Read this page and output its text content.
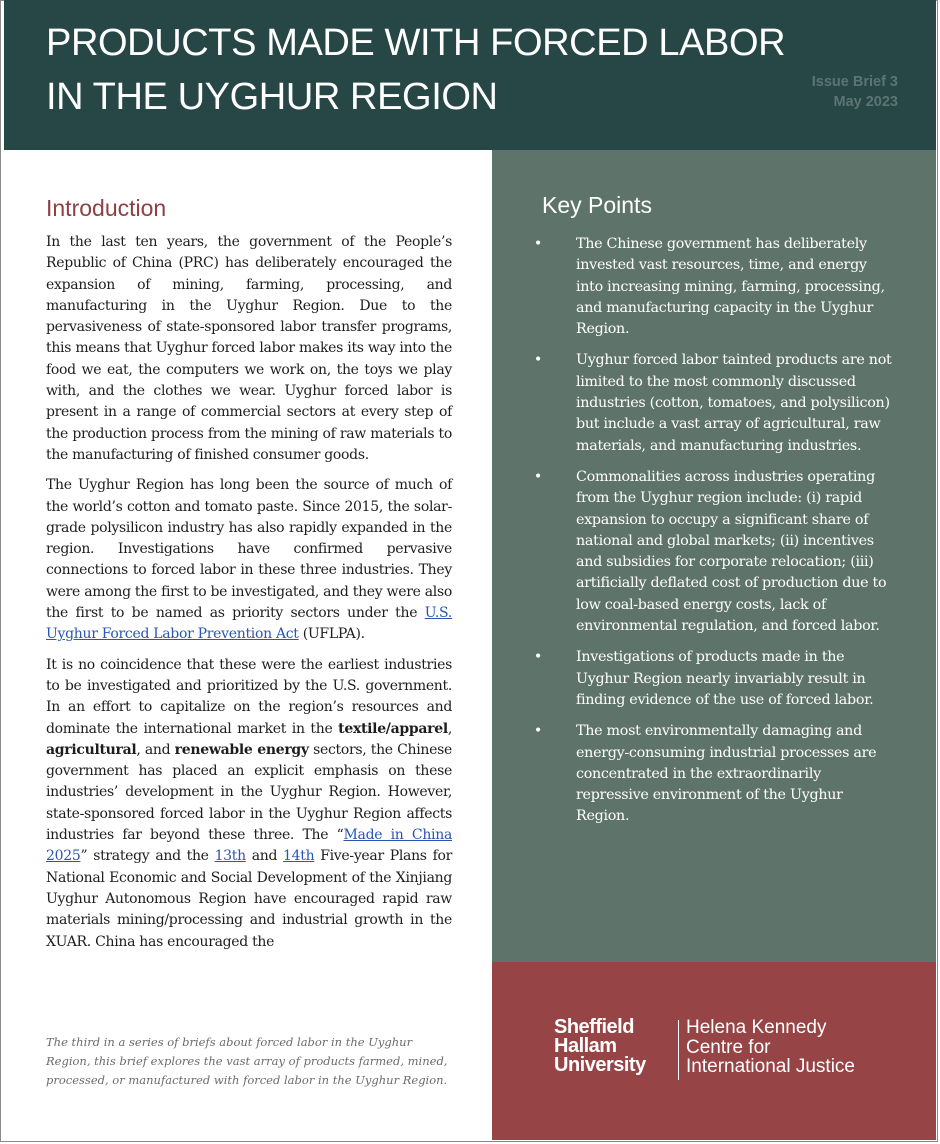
PRODUCTS MADE WITH FORCED LABOR
IN THE UYGHUR REGION	Issue Brief 3
May 2023
Introduction

In the last ten years, the government of the People’s Republic of China (PRC) has deliberately encouraged the expansion of mining, farming, processing, and manufacturing in the Uyghur Region. Due to the pervasiveness of state-sponsored labor transfer programs, this means that Uyghur forced labor makes its way into the food we eat, the computers we work on, the toys we play with, and the clothes we wear. Uyghur forced labor is present in a range of commercial sectors at every step of the production process from the mining of raw materials to the manufacturing of finished consumer goods.

The Uyghur Region has long been the source of much of the world’s cotton and tomato paste. Since 2015, the solar-grade polysilicon industry has also rapidly expanded in the region. Investigations have confirmed pervasive connections to forced labor in these three industries. They were among the first to be investigated, and they were also the first to be named as priority sectors under the U.S. Uyghur Forced Labor Prevention Act (UFLPA).

It is no coincidence that these were the earliest industries to be investigated and prioritized by the U.S. government. In an effort to capitalize on the region’s resources and dominate the international market in the textile/apparel, agricultural, and renewable energy sectors, the Chinese government has placed an explicit emphasis on these industries’ development in the Uyghur Region. However, state-sponsored forced labor in the Uyghur Region affects industries far beyond these three. The “Made in China 2025” strategy and the 13th and 14th Five-year Plans for National Economic and Social Development of the Xinjiang Uyghur Autonomous Region have encouraged rapid raw materials mining/processing and industrial growth in the XUAR. China has encouraged the

The third in a series of briefs about forced labor in the Uyghur Region, this brief explores the vast array of products farmed, mined, processed, or manufactured with forced labor in the Uyghur Region.

Key Points
• The Chinese government has deliberately invested vast resources, time, and energy into increasing mining, farming, processing, and manufacturing capacity in the Uyghur Region.
• Uyghur forced labor tainted products are not limited to the most commonly discussed industries (cotton, tomatoes, and polysilicon) but include a vast array of agricultural, raw materials, and manufacturing industries.
• Commonalities across industries operating from the Uyghur region include: (i) rapid expansion to occupy a significant share of national and global markets; (ii) incentives and subsidies for corporate relocation; (iii) artificially deflated cost of production due to low coal-based energy costs, lack of environmental regulation, and forced labor.
• Investigations of products made in the Uyghur Region nearly invariably result in finding evidence of the use of forced labor.
• The most environmentally damaging and energy-consuming industrial processes are concentrated in the extraordinarily repressive environment of the Uyghur Region.
Sheffield
Hallam
University
Helena Kennedy
Centre for
International Justice
